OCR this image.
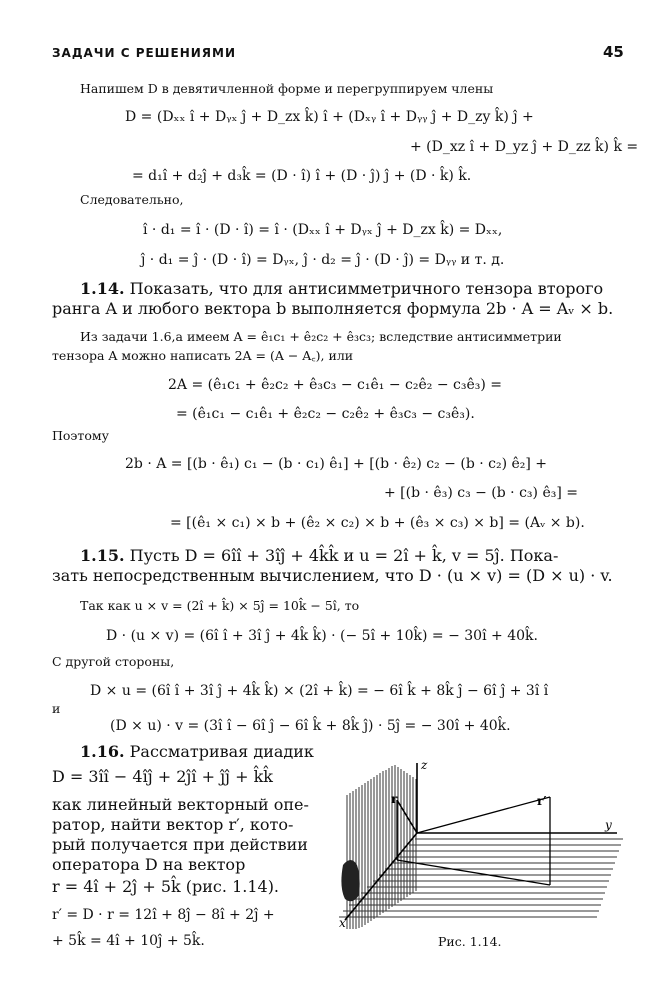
ЗАДАЧИ С РЕШЕНИЯМИ	45
Напишем D в девятичленной форме и перегруппируем члены
D = (Dₓₓ î + Dᵧₓ ĵ + D_zx k̂) î + (Dₓᵧ î + Dᵧᵧ ĵ + D_zy k̂) ĵ +
+ (D_xz î + D_yz ĵ + D_zz k̂) k̂ =
= d₁î + d₂ĵ + d₃k̂ = (D · î) î + (D · ĵ) ĵ + (D · k̂) k̂.
Следовательно,
î · d₁ = î · (D · î) = î · (Dₓₓ î + Dᵧₓ ĵ + D_zx k̂) = Dₓₓ,
ĵ · d₁ = ĵ · (D · î) = Dᵧₓ, ĵ · d₂ = ĵ · (D · ĵ) = Dᵧᵧ и т. д.
1.14. Показать, что для антисимметричного тензора второго
ранга A и любого вектора b выполняется формула 2b · A = Aᵥ × b.
Из задачи 1.6,а имеем A = ê₁c₁ + ê₂c₂ + ê₃c₃; вследствие антисимметрии
тензора A можно написать 2A = (A − A꜀), или
2A = (ê₁c₁ + ê₂c₂ + ê₃c₃ − c₁ê₁ − c₂ê₂ − c₃ê₃) =
= (ê₁c₁ − c₁ê₁ + ê₂c₂ − c₂ê₂ + ê₃c₃ − c₃ê₃).
Поэтому
2b · A = [(b · ê₁) c₁ − (b · c₁) ê₁] + [(b · ê₂) c₂ − (b · c₂) ê₂] +
+ [(b · ê₃) c₃ − (b · c₃) ê₃] =
= [(ê₁ × c₁) × b + (ê₂ × c₂) × b + (ê₃ × c₃) × b] = (Aᵥ × b).
1.15. Пусть D = 6îî + 3îĵ + 4k̂k̂ и u = 2î + k̂, v = 5ĵ. Пока-
зать непосредственным вычислением, что D · (u × v) = (D × u) · v.
Так как u × v = (2î + k̂) × 5ĵ = 10k̂ − 5î, то
D · (u × v) = (6î î + 3î ĵ + 4k̂ k̂) · (− 5î + 10k̂) = − 30î + 40k̂.
С другой стороны,
D × u = (6î î + 3î ĵ + 4k̂ k̂) × (2î + k̂) = − 6î k̂ + 8k̂ ĵ − 6î ĵ + 3î î
и
(D × u) · v = (3î î − 6î ĵ − 6î k̂ + 8k̂ ĵ) · 5ĵ = − 30î + 40k̂.
1.16. Рассматривая диадик
D = 3îî − 4îĵ + 2ĵî + ĵĵ + k̂k̂
как линейный векторный опе-
ратор, найти вектор r′, кото-
рый получается при действии
оператора D на вектор
r = 4î + 2ĵ + 5k̂ (рис. 1.14).
r′ = D · r = 12î + 8ĵ − 8î + 2ĵ +
+ 5k̂ = 4î + 10ĵ + 5k̂.
z
y
x
r	r′
Рис. 1.14.
